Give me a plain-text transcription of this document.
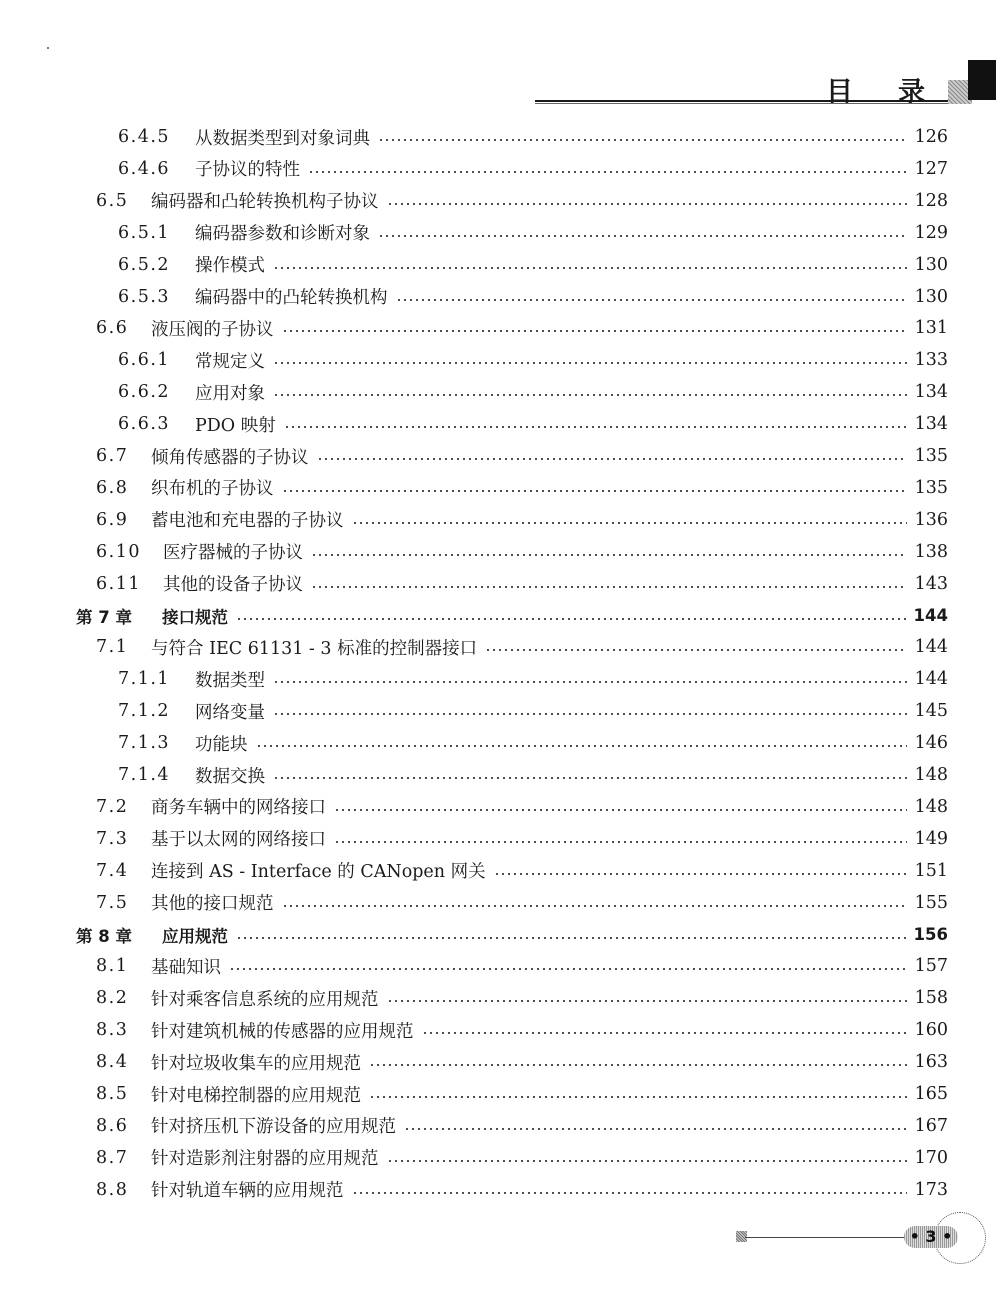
目 录
6.4.5 从数据类型到对象词典	126
6.4.6 子协议的特性	127
6.5 编码器和凸轮转换机构子协议	128
6.5.1 编码器参数和诊断对象	129
6.5.2 操作模式	130
6.5.3 编码器中的凸轮转换机构	130
6.6 液压阀的子协议	131
6.6.1 常规定义	133
6.6.2 应用对象	134
6.6.3 PDO 映射	134
6.7 倾角传感器的子协议	135
6.8 织布机的子协议	135
6.9 蓄电池和充电器的子协议	136
6.10 医疗器械的子协议	138
6.11 其他的设备子协议	143
第 7 章 接口规范	144
7.1 与符合 IEC 61131 - 3 标准的控制器接口	144
7.1.1 数据类型	144
7.1.2 网络变量	145
7.1.3 功能块	146
7.1.4 数据交换	148
7.2 商务车辆中的网络接口	148
7.3 基于以太网的网络接口	149
7.4 连接到 AS - Interface 的 CANopen 网关	151
7.5 其他的接口规范	155
第 8 章 应用规范	156
8.1 基础知识	157
8.2 针对乘客信息系统的应用规范	158
8.3 针对建筑机械的传感器的应用规范	160
8.4 针对垃圾收集车的应用规范	163
8.5 针对电梯控制器的应用规范	165
8.6 针对挤压机下游设备的应用规范	167
8.7 针对造影剂注射器的应用规范	170
8.8 针对轨道车辆的应用规范	173
• 3 •
